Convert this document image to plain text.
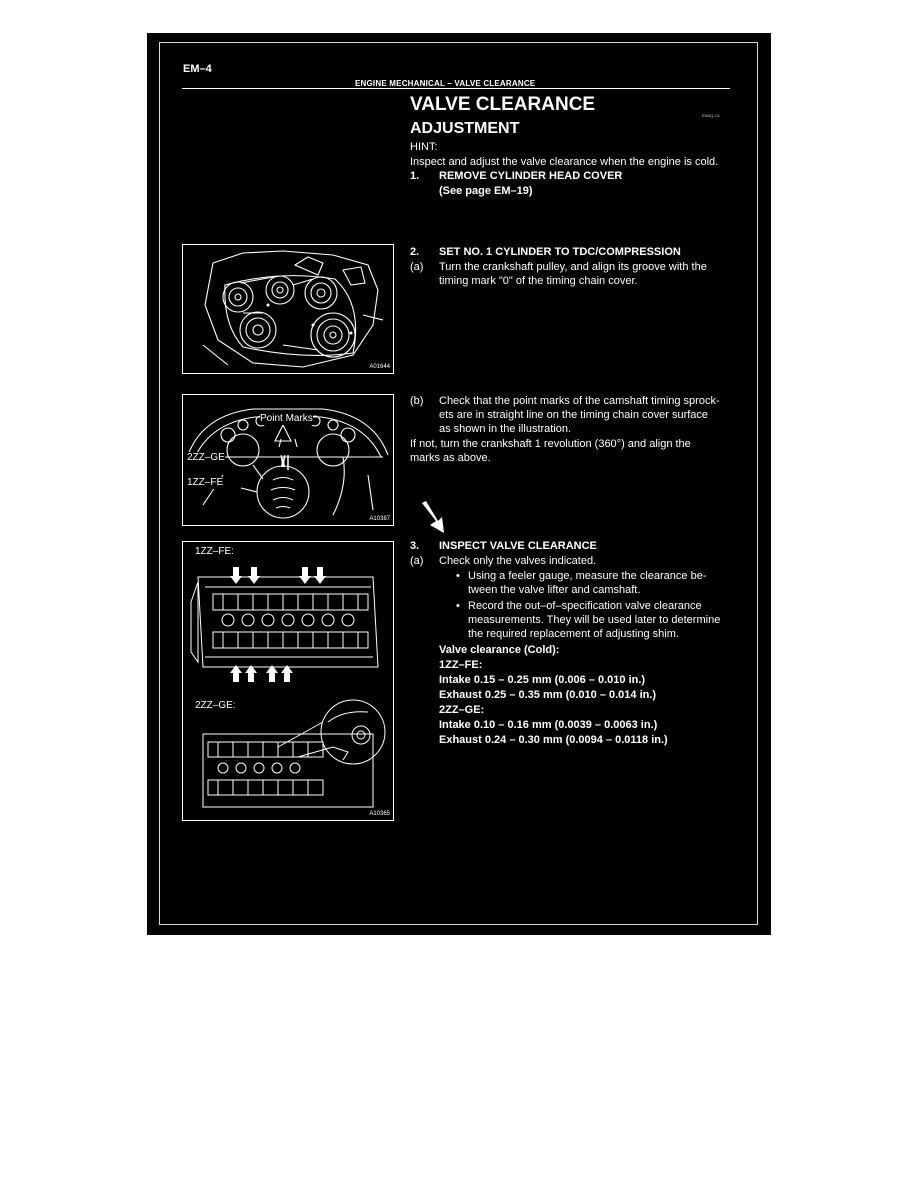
EM–4
ENGINE MECHANICAL – VALVE CLEARANCE
VALVE CLEARANCE
EM0Q–01
ADJUSTMENT
HINT:
Inspect and adjust the valve clearance when the engine is cold.
1. REMOVE CYLINDER HEAD COVER
(See page EM–19)
A01644
2. SET NO. 1 CYLINDER TO TDC/COMPRESSION
(a) Turn the crankshaft pulley, and align its groove with the
timing mark "0" of the timing chain cover.
Point Marks
2ZZ–GE
1ZZ–FE
A10387
(b) Check that the point marks of the camshaft timing sprock-
ets are in straight line on the timing chain cover surface
as shown in the illustration.
If not, turn the crankshaft 1 revolution (360°) and align the
marks as above.
1ZZ–FE:
2ZZ–GE:
A10365
3. INSPECT VALVE CLEARANCE
(a) Check only the valves indicated.
• Using a feeler gauge, measure the clearance be-
tween the valve lifter and camshaft.
• Record the out–of–specification valve clearance
measurements. They will be used later to determine
the required replacement of adjusting shim.
Valve clearance (Cold):
1ZZ–FE:
Intake 0.15 – 0.25 mm (0.006 – 0.010 in.)
Exhaust 0.25 – 0.35 mm (0.010 – 0.014 in.)
2ZZ–GE:
Intake 0.10 – 0.16 mm (0.0039 – 0.0063 in.)
Exhaust 0.24 – 0.30 mm (0.0094 – 0.0118 in.)
